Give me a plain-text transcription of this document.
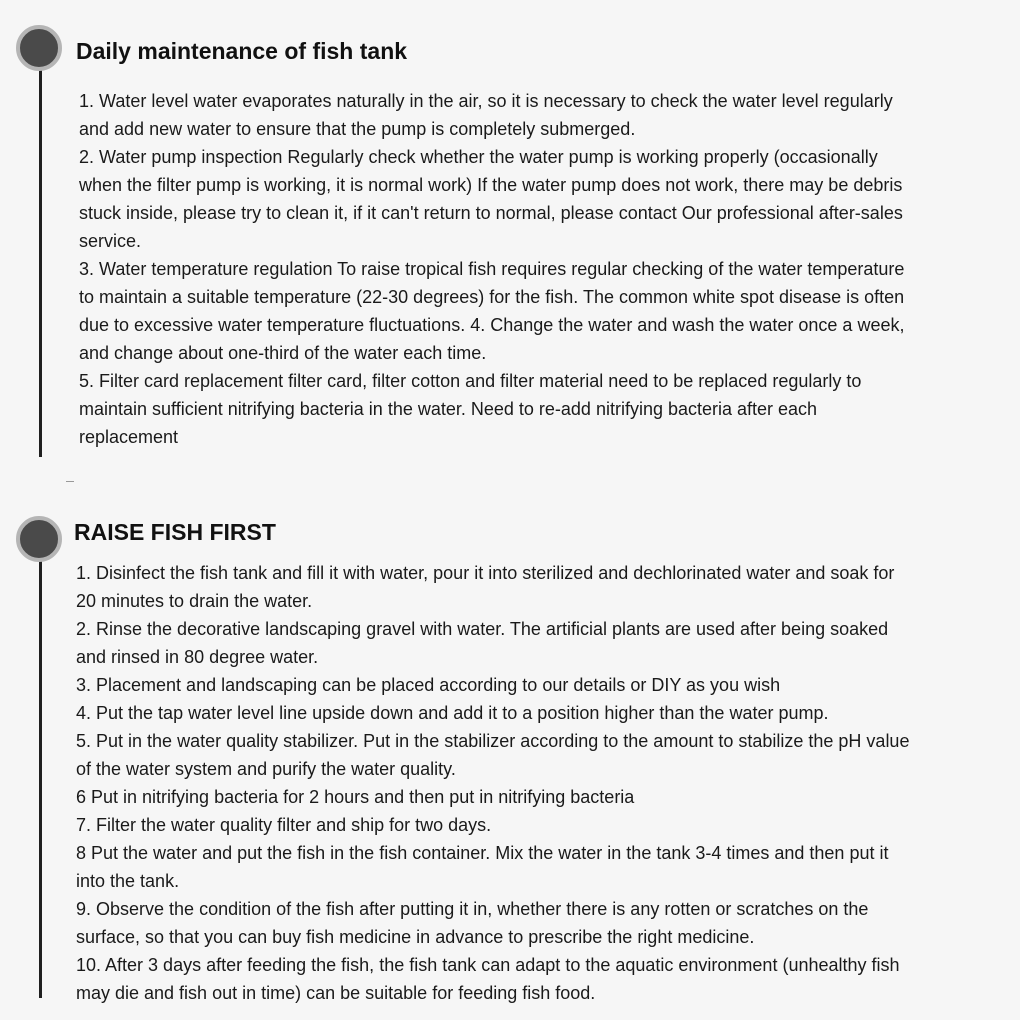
Daily maintenance of fish tank

1. Water level water evaporates naturally in the air, so it is necessary to check the water level regularly and add new water to ensure that the pump is completely submerged.

2. Water pump inspection Regularly check whether the water pump is working properly (occasionally when the filter pump is working, it is normal work) If the water pump does not work, there may be debris stuck inside, please try to clean it, if it can't return to normal, please contact Our professional after-sales service.

3. Water temperature regulation To raise tropical fish requires regular checking of the water temperature to maintain a suitable temperature (22-30 degrees) for the fish. The common white spot disease is often due to excessive water temperature fluctuations. 4. Change the water and wash the water once a week, and change about one-third of the water each time.

5. Filter card replacement filter card, filter cotton and filter material need to be replaced regularly to maintain sufficient nitrifying bacteria in the water. Need to re-add nitrifying bacteria after each replacement

RAISE FISH FIRST

1. Disinfect the fish tank and fill it with water, pour it into sterilized and dechlorinated water and soak for 20 minutes to drain the water.

2. Rinse the decorative landscaping gravel with water. The artificial plants are used after being soaked and rinsed in 80 degree water.

3. Placement and landscaping can be placed according to our details or DIY as you wish

4. Put the tap water level line upside down and add it to a position higher than the water pump.

5. Put in the water quality stabilizer. Put in the stabilizer according to the amount to stabilize the pH value of the water system and purify the water quality.

6 Put in nitrifying bacteria for 2 hours and then put in nitrifying bacteria

7. Filter the water quality filter and ship for two days.

8 Put the water and put the fish in the fish container. Mix the water in the tank 3-4 times and then put it into the tank.

9. Observe the condition of the fish after putting it in, whether there is any rotten or scratches on the surface, so that you can buy fish medicine in advance to prescribe the right medicine.

10. After 3 days after feeding the fish, the fish tank can adapt to the aquatic environment (unhealthy fish may die and fish out in time) can be suitable for feeding fish food.
